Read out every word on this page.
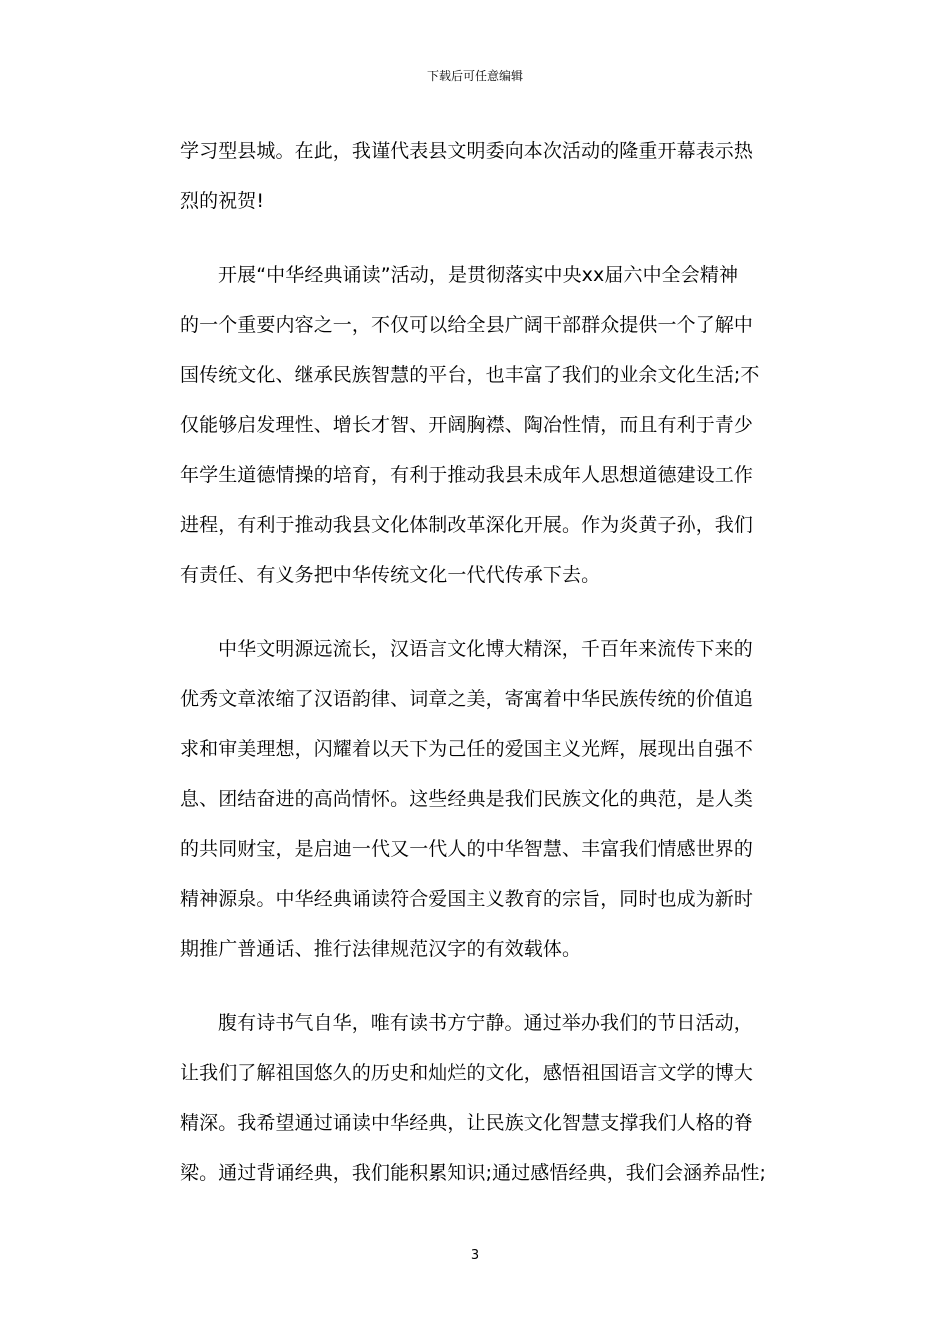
下载后可任意编辑
学习型县城。在此，我谨代表县文明委向本次活动的隆重开幕表示热
烈的祝贺!
开展“中华经典诵读”活动，是贯彻落实中央xx届六中全会精神
的一个重要内容之一，不仅可以给全县广阔干部群众提供一个了解中
国传统文化、继承民族智慧的平台，也丰富了我们的业余文化生活;不
仅能够启发理性、增长才智、开阔胸襟、陶冶性情，而且有利于青少
年学生道德情操的培育，有利于推动我县未成年人思想道德建设工作
进程，有利于推动我县文化体制改革深化开展。作为炎黄子孙，我们
有责任、有义务把中华传统文化一代代传承下去。
中华文明源远流长，汉语言文化博大精深，千百年来流传下来的
优秀文章浓缩了汉语韵律、词章之美，寄寓着中华民族传统的价值追
求和审美理想，闪耀着以天下为己任的爱国主义光辉，展现出自强不
息、团结奋进的高尚情怀。这些经典是我们民族文化的典范，是人类
的共同财宝，是启迪一代又一代人的中华智慧、丰富我们情感世界的
精神源泉。中华经典诵读符合爱国主义教育的宗旨，同时也成为新时
期推广普通话、推行法律规范汉字的有效载体。
腹有诗书气自华，唯有读书方宁静。通过举办我们的节日活动，
让我们了解祖国悠久的历史和灿烂的文化，感悟祖国语言文学的博大
精深。我希望通过诵读中华经典，让民族文化智慧支撑我们人格的脊
梁。通过背诵经典，我们能积累知识;通过感悟经典，我们会涵养品性;
3
